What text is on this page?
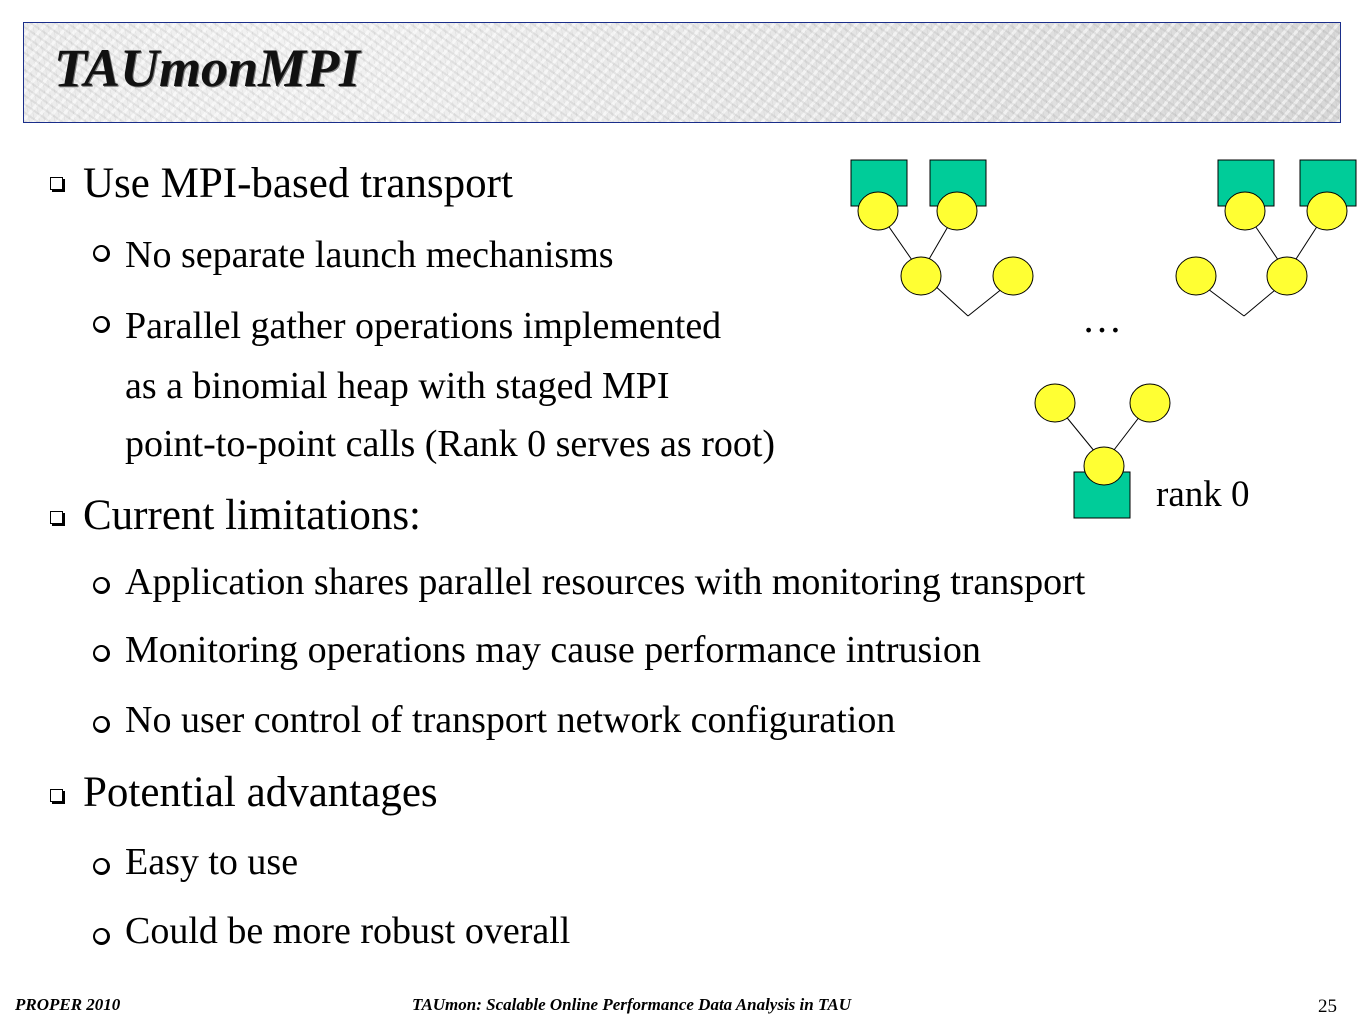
TAUmonMPI
Use MPI-based transport
No separate launch mechanisms
Parallel gather operations implemented
as a binomial heap with staged MPI
point-to-point calls (Rank 0 serves as root)
Current limitations:
Application shares parallel resources with monitoring transport
Monitoring operations may cause performance intrusion
No user control of transport network configuration
Potential advantages
Easy to use
Could be more robust overall
…
rank 0
PROPER 2010	TAUmon: Scalable Online Performance Data Analysis in TAU	25
